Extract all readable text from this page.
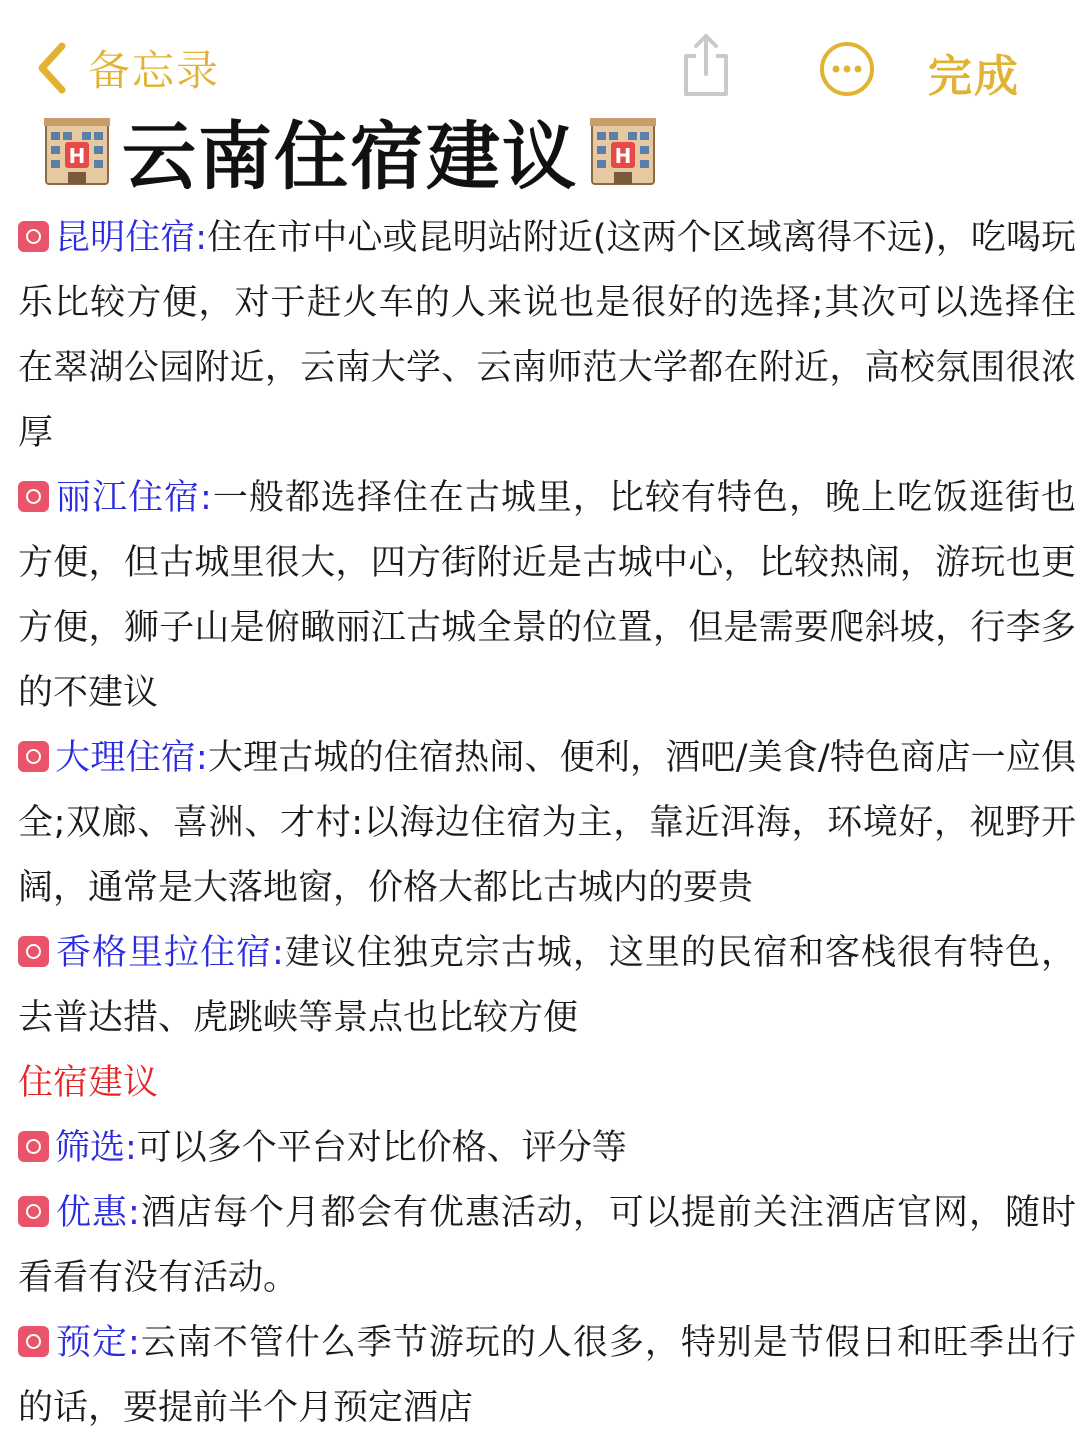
备忘录	完成
H 云南住宿建议 H

昆明住宿:住在市中心或昆明站附近(这两个区域离得不远)，吃喝玩乐比较方便，对于赶火车的人来说也是很好的选择;其次可以选择住在翠湖公园附近，云南大学、云南师范大学都在附近，高校氛围很浓厚

丽江住宿:一般都选择住在古城里，比较有特色，晚上吃饭逛街也方便，但古城里很大，四方街附近是古城中心，比较热闹，游玩也更方便，狮子山是俯瞰丽江古城全景的位置，但是需要爬斜坡，行李多的不建议

大理住宿:大理古城的住宿热闹、便利，酒吧/美食/特色商店一应俱全;双廊、喜洲、才村:以海边住宿为主，靠近洱海，环境好，视野开阔，通常是大落地窗，价格大都比古城内的要贵

香格里拉住宿:建议住独克宗古城，这里的民宿和客栈很有特色，去普达措、虎跳峡等景点也比较方便

住宿建议

筛选:可以多个平台对比价格、评分等

优惠:酒店每个月都会有优惠活动，可以提前关注酒店官网，随时看看有没有活动。

预定:云南不管什么季节游玩的人很多，特别是节假日和旺季出行的话，要提前半个月预定酒店
